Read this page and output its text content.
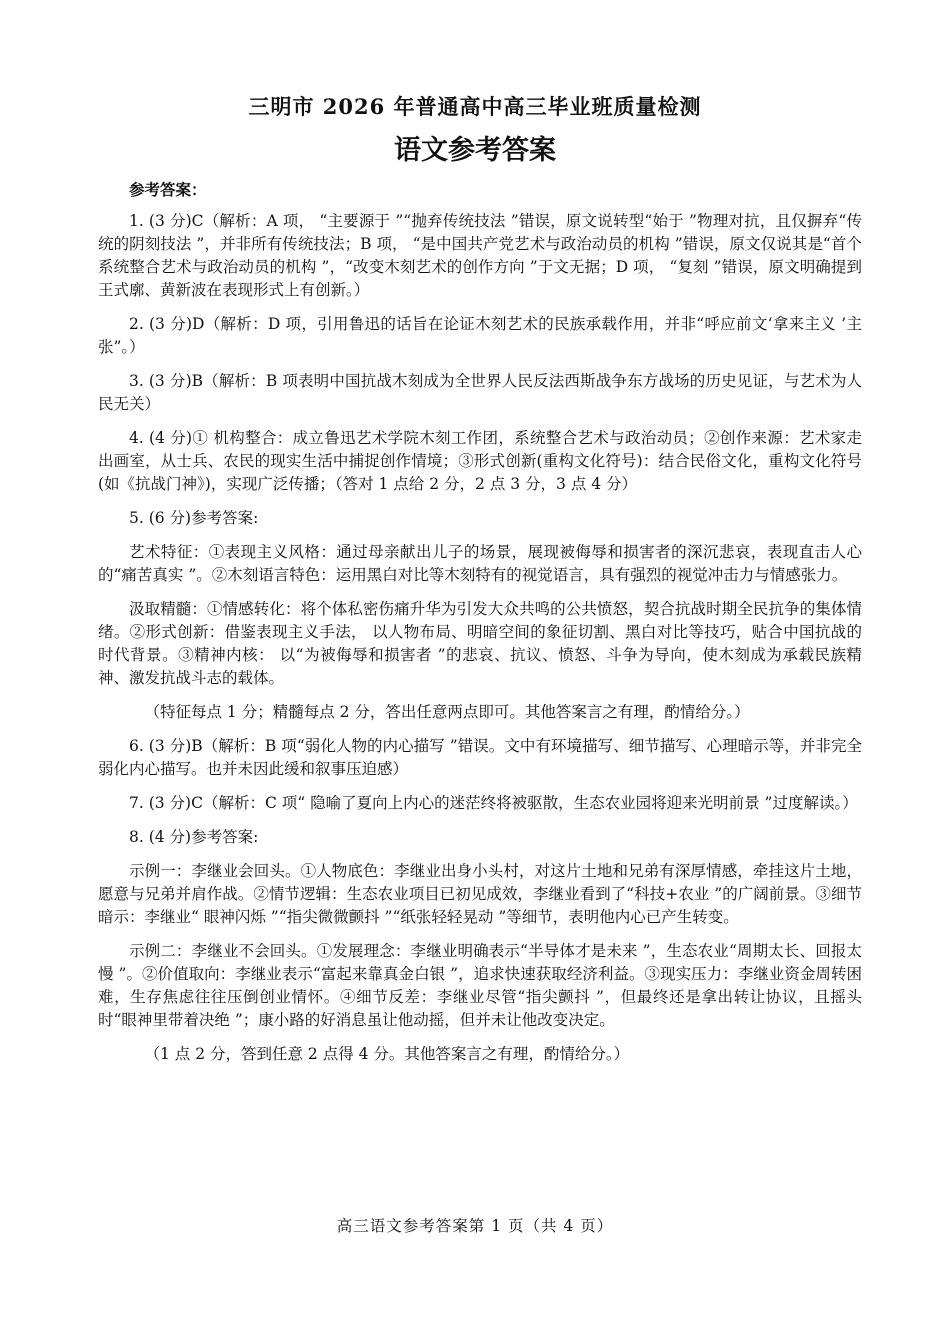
三明市 2026 年普通高中高三毕业班质量检测
语文参考答案

参考答案：

1. (3 分)C（解析：A 项， “主要源于 ”“抛弃传统技法 ”错误，原文说转型“始于 ”物理对抗，且仅摒弃“传统的阴刻技法 ”，并非所有传统技法；B 项， “是中国共产党艺术与政治动员的机构 ”错误，原文仅说其是“首个系统整合艺术与政治动员的机构 ”，“改变木刻艺术的创作方向 ”于文无据；D 项， “复刻 ”错误，原文明确提到王式廓、黄新波在表现形式上有创新。）

2. (3 分)D（解析：D 项，引用鲁迅的话旨在论证木刻艺术的民族承载作用，并非“呼应前文‘拿来主义 ’主张”。）

3. (3 分)B（解析：B 项表明中国抗战木刻成为全世界人民反法西斯战争东方战场的历史见证，与艺术为人民无关）

4. (4 分)① 机构整合：成立鲁迅艺术学院木刻工作团，系统整合艺术与政治动员；②创作来源：艺术家走出画室，从士兵、农民的现实生活中捕捉创作情境；③形式创新(重构文化符号)：结合民俗文化，重构文化符号(如《抗战门神》)，实现广泛传播；（答对 1 点给 2 分，2 点 3 分，3 点 4 分）

5. (6 分)参考答案:

艺术特征：①表现主义风格：通过母亲献出儿子的场景，展现被侮辱和损害者的深沉悲哀，表现直击人心的“痛苦真实 ”。②木刻语言特色：运用黑白对比等木刻特有的视觉语言，具有强烈的视觉冲击力与情感张力。

汲取精髓：①情感转化：将个体私密伤痛升华为引发大众共鸣的公共愤怒，契合抗战时期全民抗争的集体情绪。②形式创新：借鉴表现主义手法， 以人物布局、明暗空间的象征切割、黑白对比等技巧，贴合中国抗战的时代背景。③精神内核： 以“为被侮辱和损害者 ”的悲哀、抗议、愤怒、斗争为导向，使木刻成为承载民族精神、激发抗战斗志的载体。

（特征每点 1 分；精髓每点 2 分，答出任意两点即可。其他答案言之有理，酌情给分。）

6. (3 分)B（解析：B 项“弱化人物的内心描写 ”错误。文中有环境描写、细节描写、心理暗示等，并非完全弱化内心描写。也并未因此缓和叙事压迫感）

7. (3 分)C（解析：C 项“ 隐喻了夏向上内心的迷茫终将被驱散，生态农业园将迎来光明前景 ”过度解读。）

8. (4 分)参考答案:

示例一：李继业会回头。①人物底色：李继业出身小头村，对这片土地和兄弟有深厚情感，牵挂这片土地，愿意与兄弟并肩作战。②情节逻辑：生态农业项目已初见成效，李继业看到了“科技+农业 ”的广阔前景。③细节暗示：李继业“ 眼神闪烁 ”“指尖微微颤抖 ”“纸张轻轻晃动 ”等细节，表明他内心已产生转变。

示例二：李继业不会回头。①发展理念：李继业明确表示“半导体才是未来 ”，生态农业“周期太长、回报太慢 ”。②价值取向：李继业表示“富起来靠真金白银 ”，追求快速获取经济利益。③现实压力：李继业资金周转困难，生存焦虑往往压倒创业情怀。④细节反差：李继业尽管“指尖颤抖 ”，但最终还是拿出转让协议，且摇头时“眼神里带着决绝 ”；康小路的好消息虽让他动摇，但并未让他改变决定。

（1 点 2 分，答到任意 2 点得 4 分。其他答案言之有理，酌情给分。）

高三语文参考答案第 1 页（共 4 页）
